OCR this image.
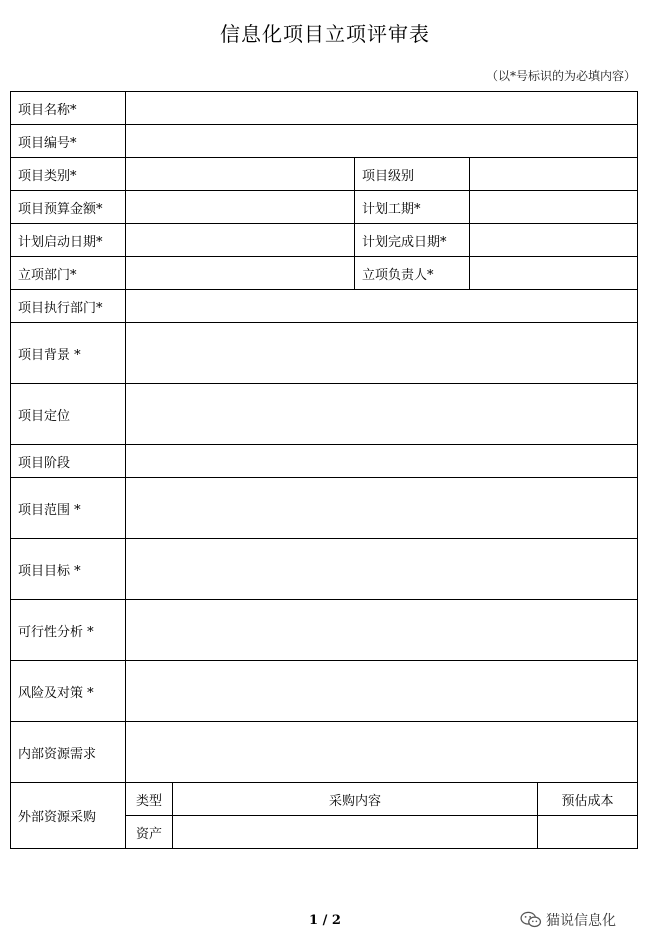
信息化项目立项评审表
（以*号标识的为必填内容）
项目名称*					
项目编号*					
项目类别*			项目级别		
项目预算金额*			计划工期*		
计划启动日期*			计划完成日期*		
立项部门*			立项负责人*		
项目执行部门*					
项目背景 *					
项目定位					
项目阶段					
项目范围 *					
项目目标 *					
可行性分析 *					
风险及对策 *					
内部资源需求					
外部资源采购	类型	采购内容			预估成本
	资产				
1 / 2	猫说信息化
